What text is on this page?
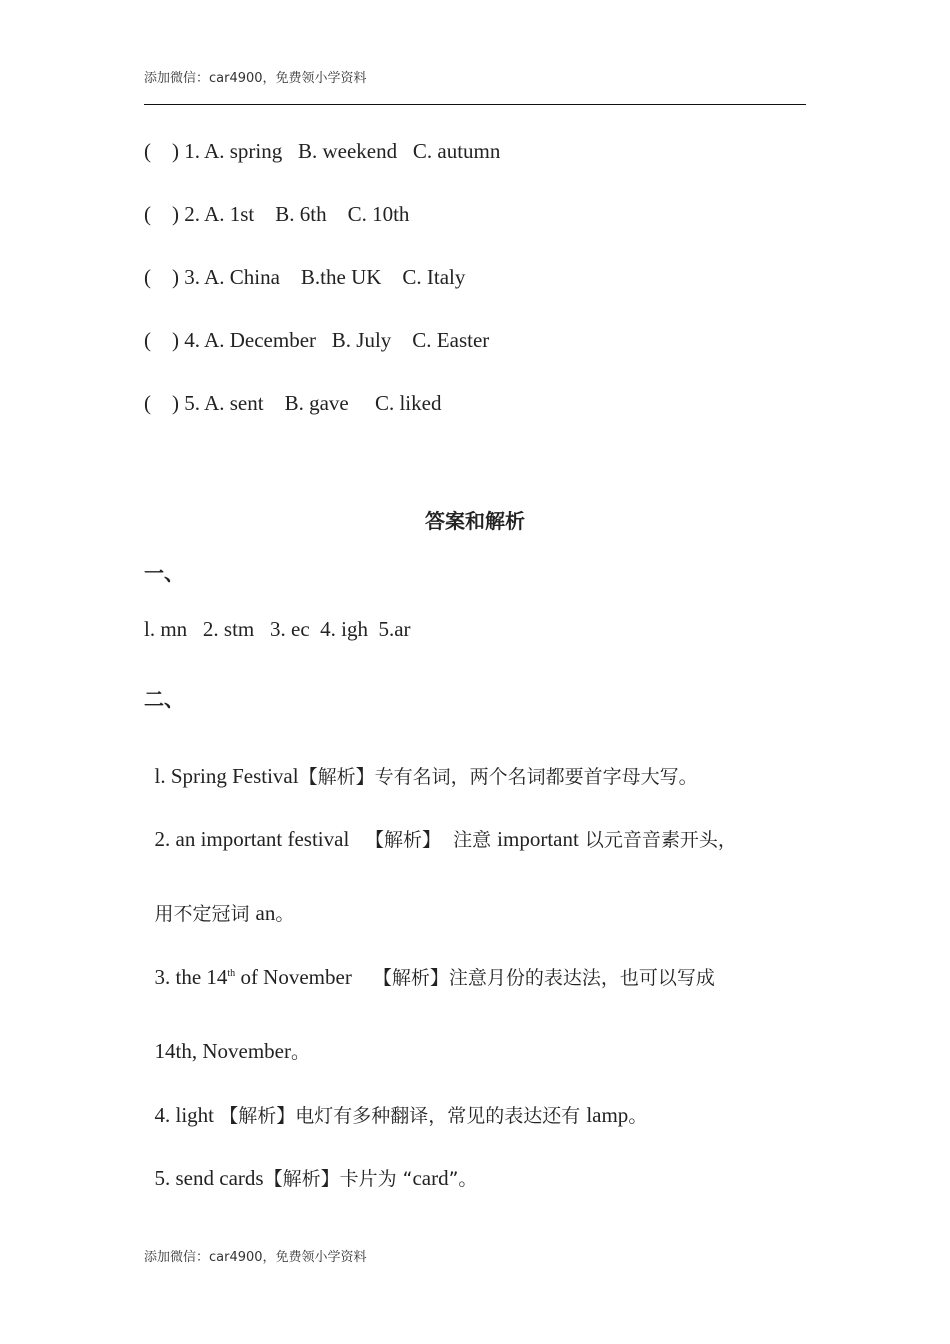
添加微信：car4900，免费领小学资料
(    ) 1. A. spring   B. weekend   C. autumn
(    ) 2. A. 1st    B. 6th    C. 10th
(    ) 3. A. China    B.the UK    C. Italy
(    ) 4. A. December   B. July    C. Easter
(    ) 5. A. sent    B. gave     C. liked
答案和解析
一、
l. mn   2. stm   3. ec  4. igh  5.ar
二、

l. Spring Festival【解析】专有名词，两个名词都要首字母大写。

2. an important festival   【解析】  注意 important 以元音音素开头，

用不定冠词 an。

3. the 14th of November    【解析】注意月份的表达法，也可以写成

14th, November。

4. light 【解析】电灯有多种翻译，常见的表达还有 lamp。

5. send cards【解析】卡片为 “card”。

添加微信：car4900，免费领小学资料
